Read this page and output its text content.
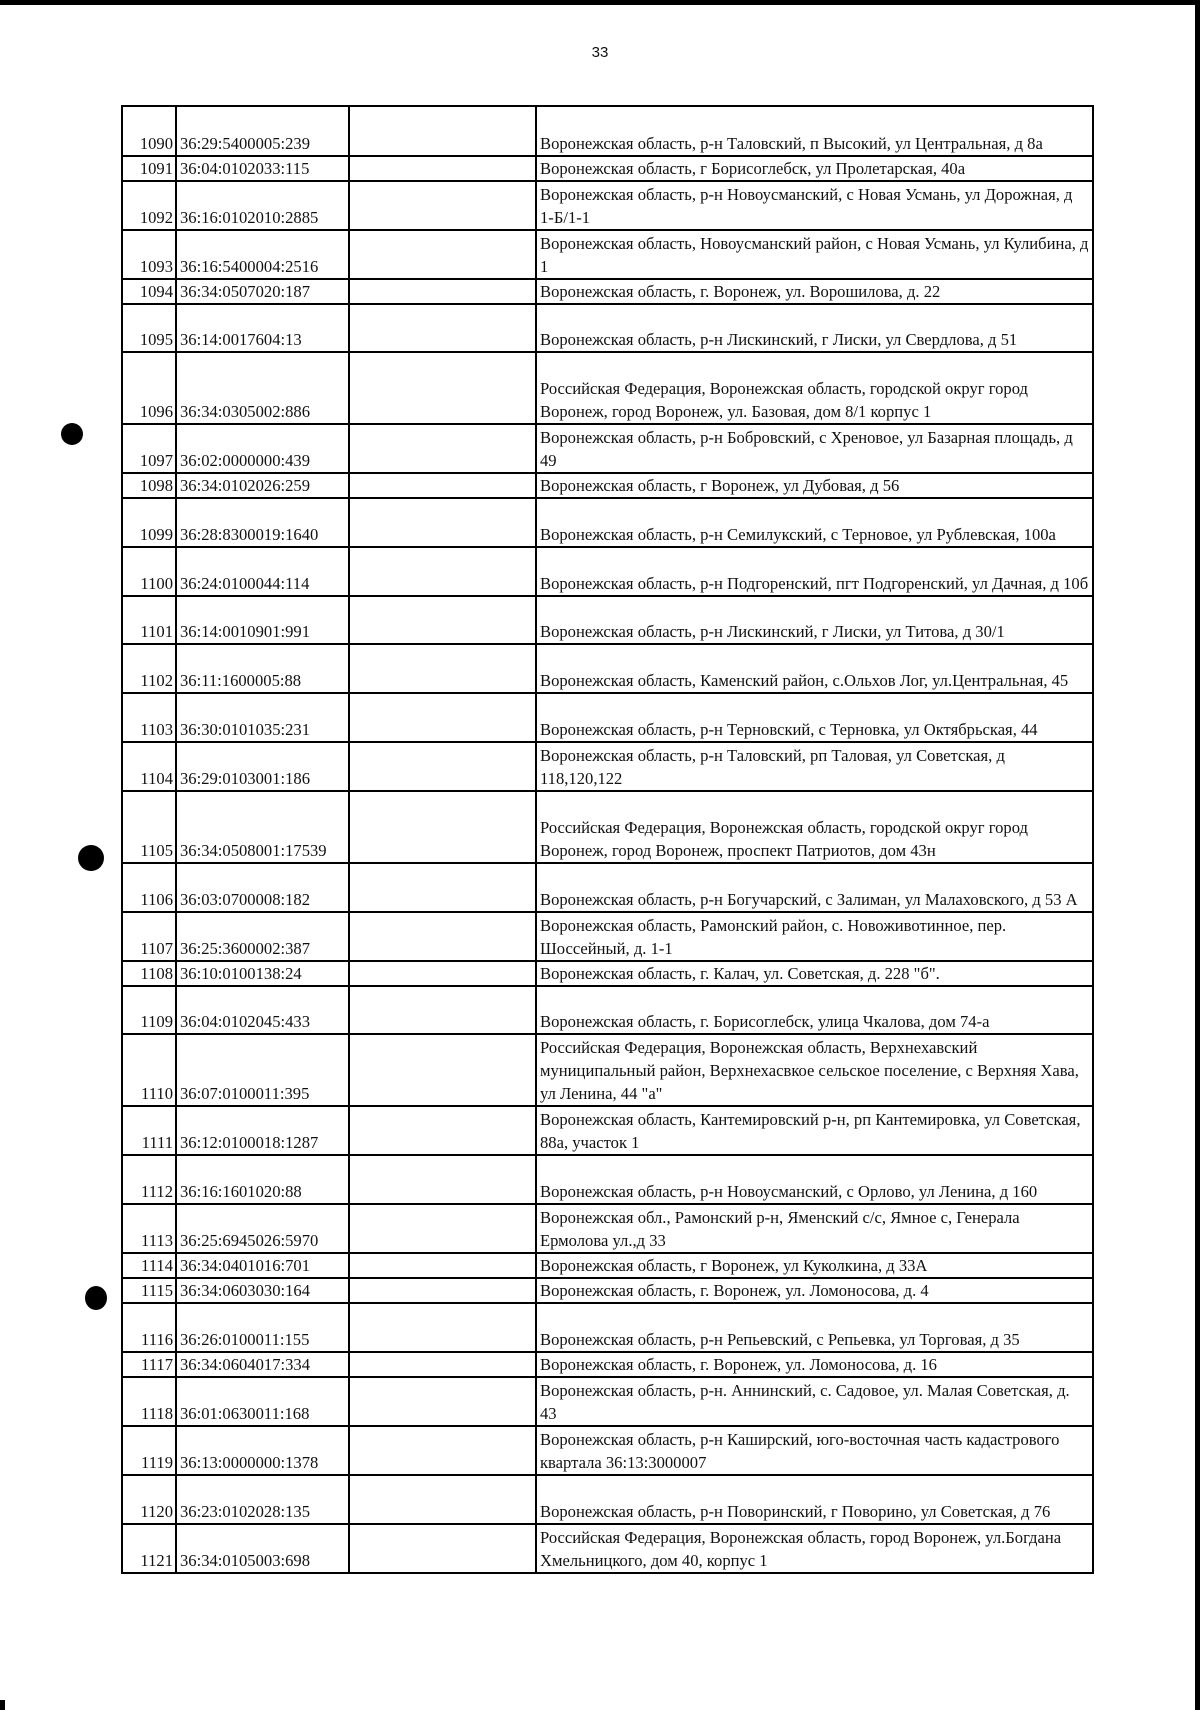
33
1090	36:29:5400005:239		Воронежская область, р-н Таловский, п Высокий, ул Центральная, д 8а
1091	36:04:0102033:115		Воронежская область, г Борисоглебск, ул Пролетарская, 40а
1092	36:16:0102010:2885		Воронежская область, р-н Новоусманский, с Новая Усмань, ул Дорожная, д 1-Б/1-1
1093	36:16:5400004:2516		Воронежская область, Новоусманский район, с Новая Усмань, ул Кулибина, д 1
1094	36:34:0507020:187		Воронежская область, г. Воронеж, ул. Ворошилова, д. 22
1095	36:14:0017604:13		Воронежская область, р-н Лискинский, г Лиски, ул Свердлова, д 51
1096	36:34:0305002:886		Российская Федерация, Воронежская область, городской округ город Воронеж, город Воронеж, ул. Базовая, дом 8/1 корпус 1
1097	36:02:0000000:439		Воронежская область, р-н Бобровский, с Хреновое, ул Базарная площадь, д 49
1098	36:34:0102026:259		Воронежская область, г Воронеж, ул Дубовая, д 56
1099	36:28:8300019:1640		Воронежская область, р-н Семилукский, с Терновое, ул Рублевская, 100а
1100	36:24:0100044:114		Воронежская область, р-н Подгоренский, пгт Подгоренский, ул Дачная, д 10б
1101	36:14:0010901:991		Воронежская область, р-н Лискинский, г Лиски, ул Титова, д 30/1
1102	36:11:1600005:88		Воронежская область, Каменский район, с.Ольхов Лог, ул.Центральная, 45
1103	36:30:0101035:231		Воронежская область, р-н Терновский, с Терновка, ул Октябрьская, 44
1104	36:29:0103001:186		Воронежская область, р-н Таловский, рп Таловая, ул Советская, д 118,120,122
1105	36:34:0508001:17539		Российская Федерация, Воронежская область, городской округ город Воронеж, город Воронеж, проспект Патриотов, дом 43н
1106	36:03:0700008:182		Воронежская область, р-н Богучарский, с Залиман, ул Малаховского, д 53 А
1107	36:25:3600002:387		Воронежская область, Рамонский район, с. Новоживотинное, пер. Шоссейный, д. 1-1
1108	36:10:0100138:24		Воронежская область, г. Калач, ул. Советская, д. 228 "б".
1109	36:04:0102045:433		Воронежская область, г. Борисоглебск, улица Чкалова, дом 74-а
1110	36:07:0100011:395		Российская Федерация, Воронежская область, Верхнехавский муниципальный район, Верхнехасвкое сельское поселение, с Верхняя Хава, ул Ленина, 44 "а"
1111	36:12:0100018:1287		Воронежская область, Кантемировский р-н, рп Кантемировка, ул Советская, 88а, участок 1
1112	36:16:1601020:88		Воронежская область, р-н Новоусманский, с Орлово, ул Ленина, д 160
1113	36:25:6945026:5970		Воронежская обл., Рамонский р-н, Яменский с/с, Ямное с, Генерала Ермолова ул.,д 33
1114	36:34:0401016:701		Воронежская область, г Воронеж, ул Куколкина, д 33А
1115	36:34:0603030:164		Воронежская область, г. Воронеж, ул. Ломоносова, д. 4
1116	36:26:0100011:155		Воронежская область, р-н Репьевский, с Репьевка, ул Торговая, д 35
1117	36:34:0604017:334		Воронежская область, г. Воронеж, ул. Ломоносова, д. 16
1118	36:01:0630011:168		Воронежская область, р-н. Аннинский, с. Садовое, ул. Малая Советская, д. 43
1119	36:13:0000000:1378		Воронежская область, р-н Каширский, юго-восточная часть кадастрового квартала 36:13:3000007
1120	36:23:0102028:135		Воронежская область, р-н Поворинский, г Поворино, ул Советская, д 76
1121	36:34:0105003:698		Российская Федерация, Воронежская область, город Воронеж, ул.Богдана Хмельницкого, дом 40, корпус 1
